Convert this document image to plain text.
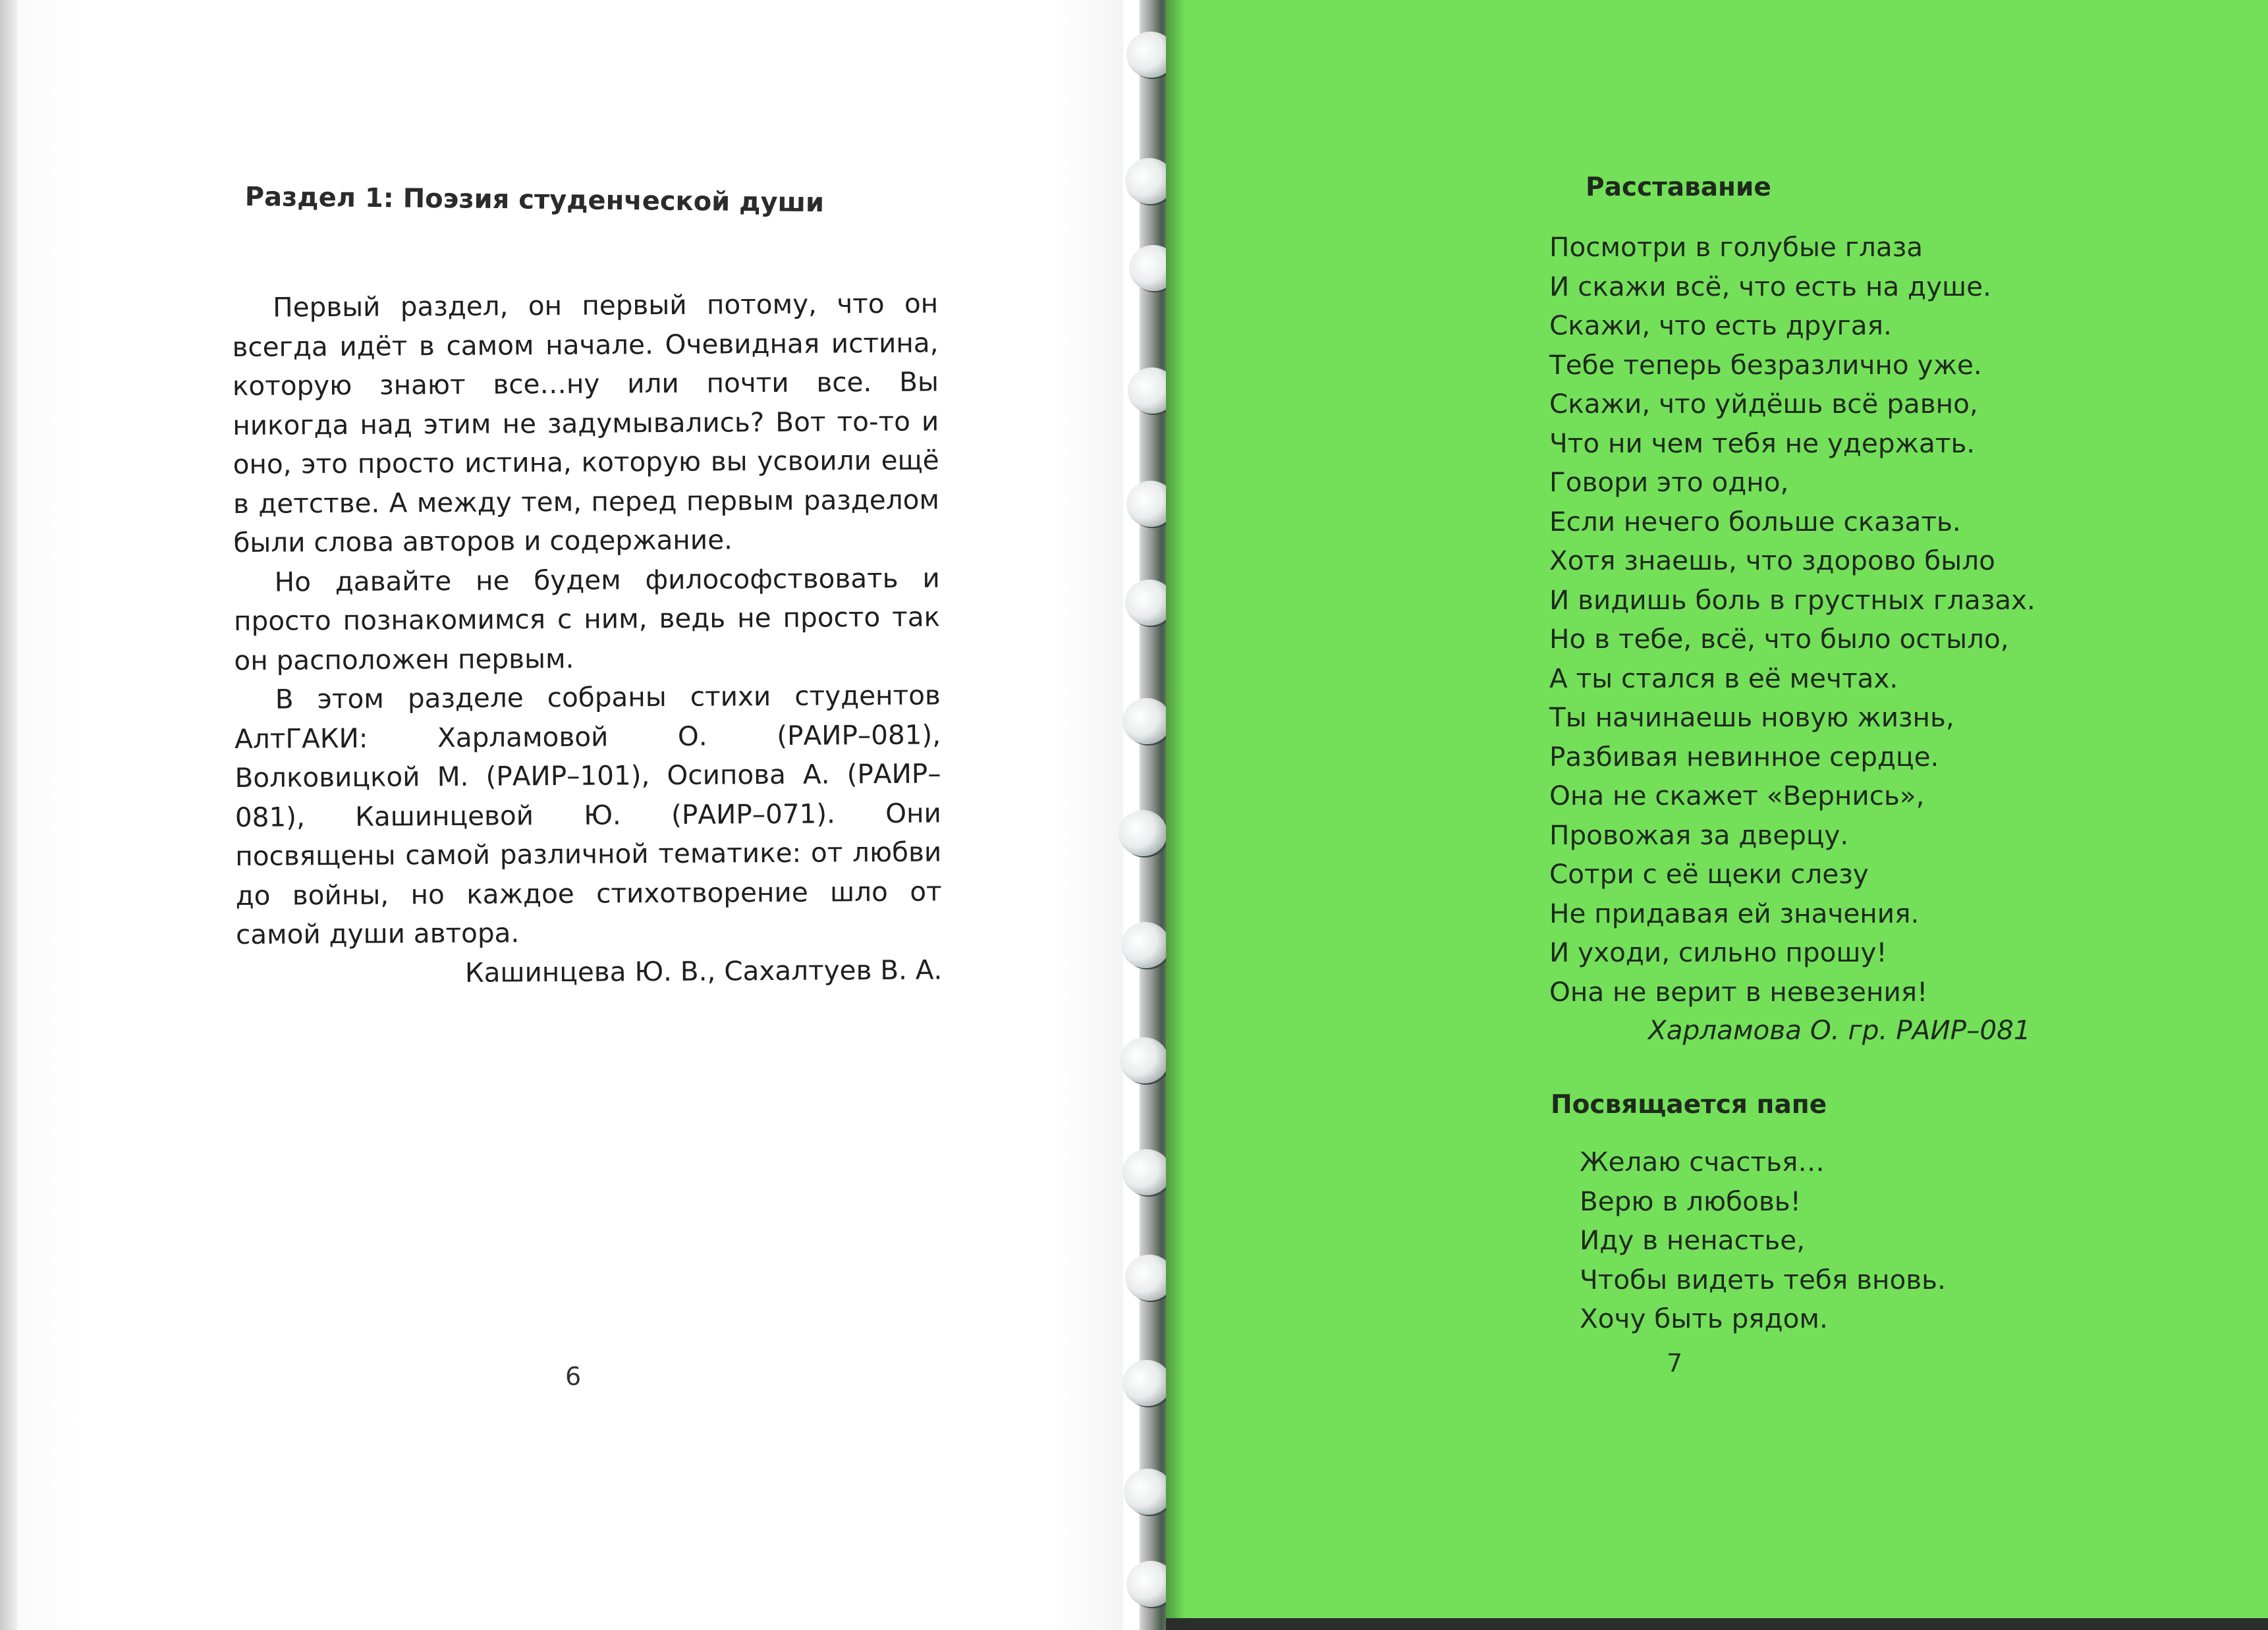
Раздел 1: Поэзия студенческой души

Первый раздел, он первый потому, что он всегда идёт в самом начале. Очевидная истина, которую знают все…ну или почти все. Вы никогда над этим не задумывались? Вот то-то и оно, это просто истина, которую вы усвоили ещё в детстве. А между тем, перед первым разделом были слова авторов и содержание.

Но давайте не будем философствовать и просто познакомимся с ним, ведь не просто так он расположен первым.

В этом разделе собраны стихи студентов АлтГАКИ: Харламовой О. (РАИР–081), Волковицкой М. (РАИР–101), Осипова А. (РАИР–081), Кашинцевой Ю. (РАИР–071). Они посвящены самой различной тематике: от любви до войны, но каждое стихотворение шло от самой души автора.

Кашинцева Ю. В., Сахалтуев В. А.
6
Расставание
Посмотри в голубые глаза
И скажи всё, что есть на душе.
Скажи, что есть другая.
Тебе теперь безразлично уже.
Скажи, что уйдёшь всё равно,
Что ни чем тебя не удержать.
Говори это одно,
Если нечего больше сказать.
Хотя знаешь, что здорово было
И видишь боль в грустных глазах.
Но в тебе, всё, что было остыло,
А ты стался в её мечтах.
Ты начинаешь новую жизнь,
Разбивая невинное сердце.
Она не скажет «Вернись»,
Провожая за дверцу.
Сотри с её щеки слезу
Не придавая ей значения.
И уходи, сильно прошу!
Она не верит в невезения!
Харламова О. гр. РАИР–081
Посвящается папе
Желаю счастья…
Верю в любовь!
Иду в ненастье,
Чтобы видеть тебя вновь.
Хочу быть рядом.
7
